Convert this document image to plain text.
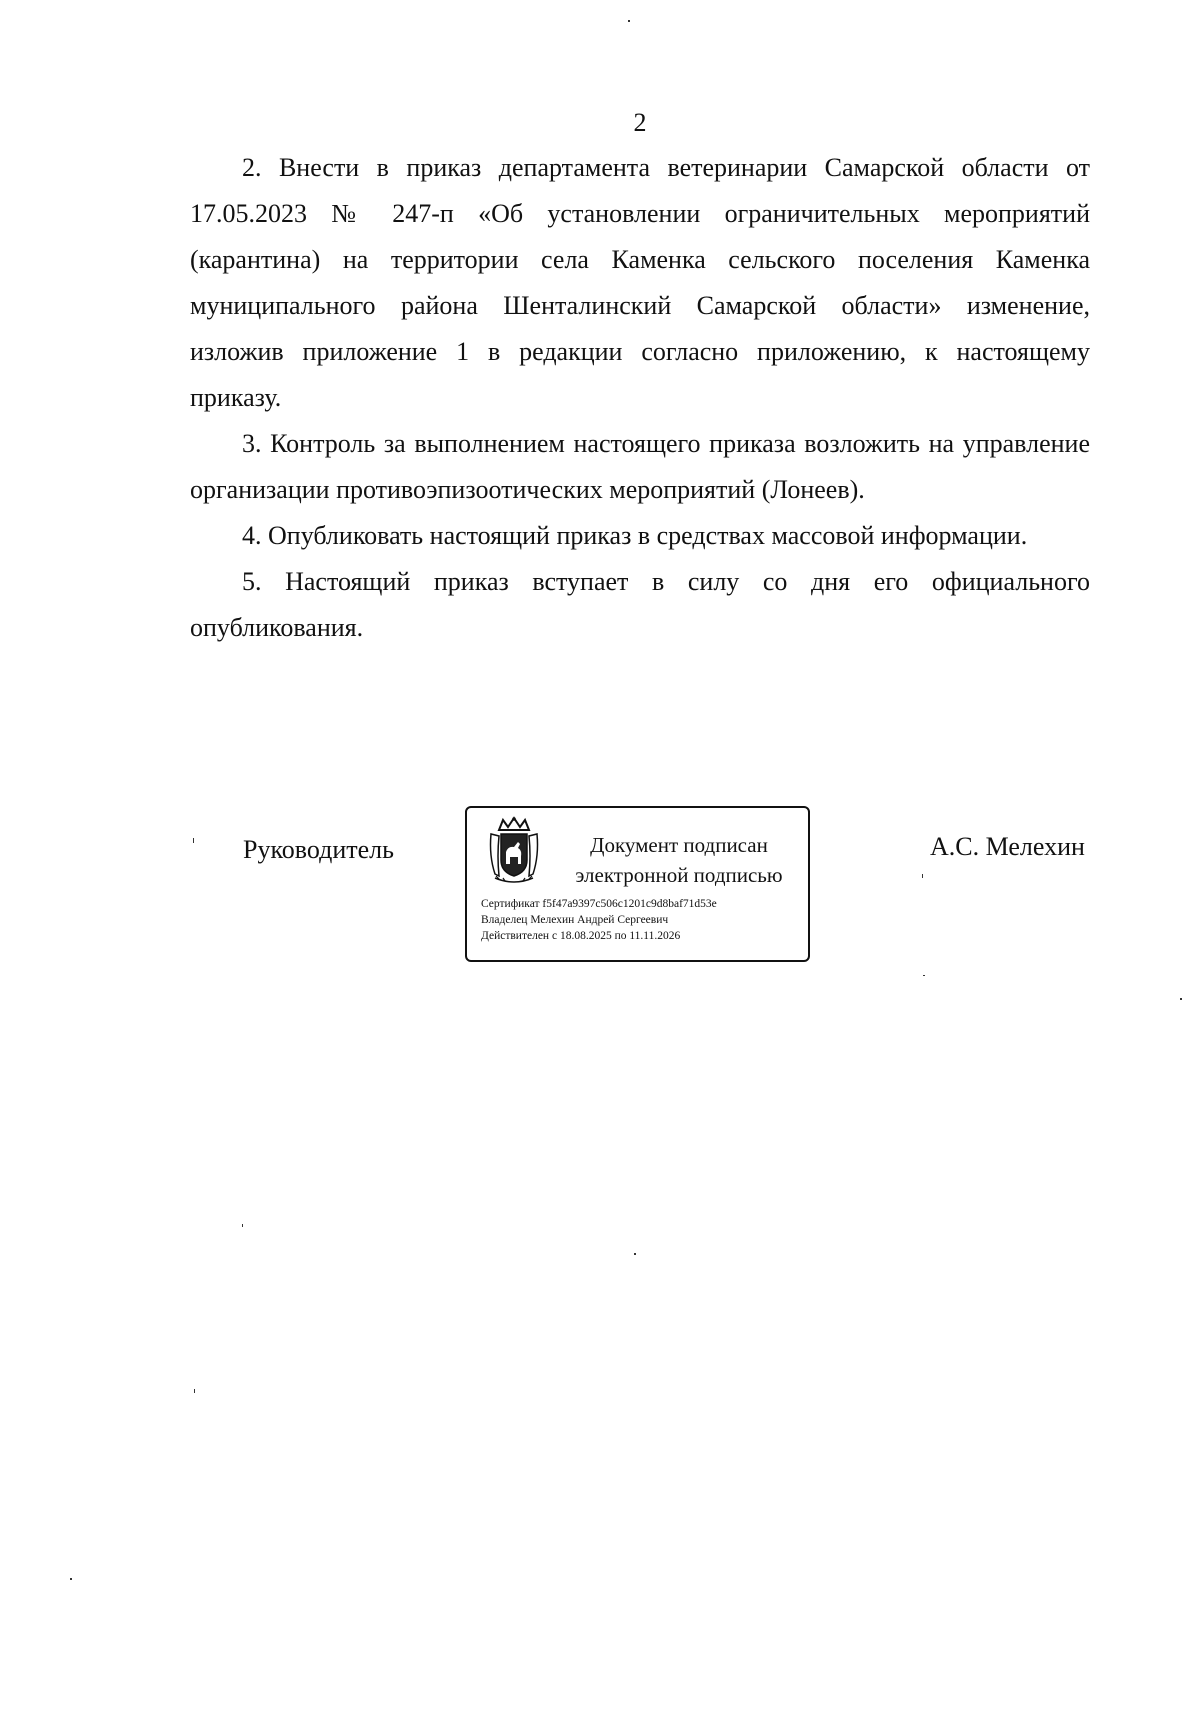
2

2. Внести в приказ департамента ветеринарии Самарской области от 17.05.2023 № 247-п «Об установлении ограничительных мероприятий (карантина) на территории села Каменка сельского поселения Каменка муниципального района Шенталинский Самарской области» изменение, изложив приложение 1 в редакции согласно приложению, к настоящему приказу.

3. Контроль за выполнением настоящего приказа возложить на управление организации противоэпизоотических мероприятий (Лонеев).

4. Опубликовать настоящий приказ в средствах массовой информации.

5. Настоящий приказ вступает в силу со дня его официального опубликования.

Руководитель	Документ подписан
электронной подписью
Сертификат f5f47a9397c506c1201c9d8baf71d53e
Владелец Мелехин Андрей Сергеевич
Действителен с 18.08.2025 по 11.11.2026
А.С. Мелехин
